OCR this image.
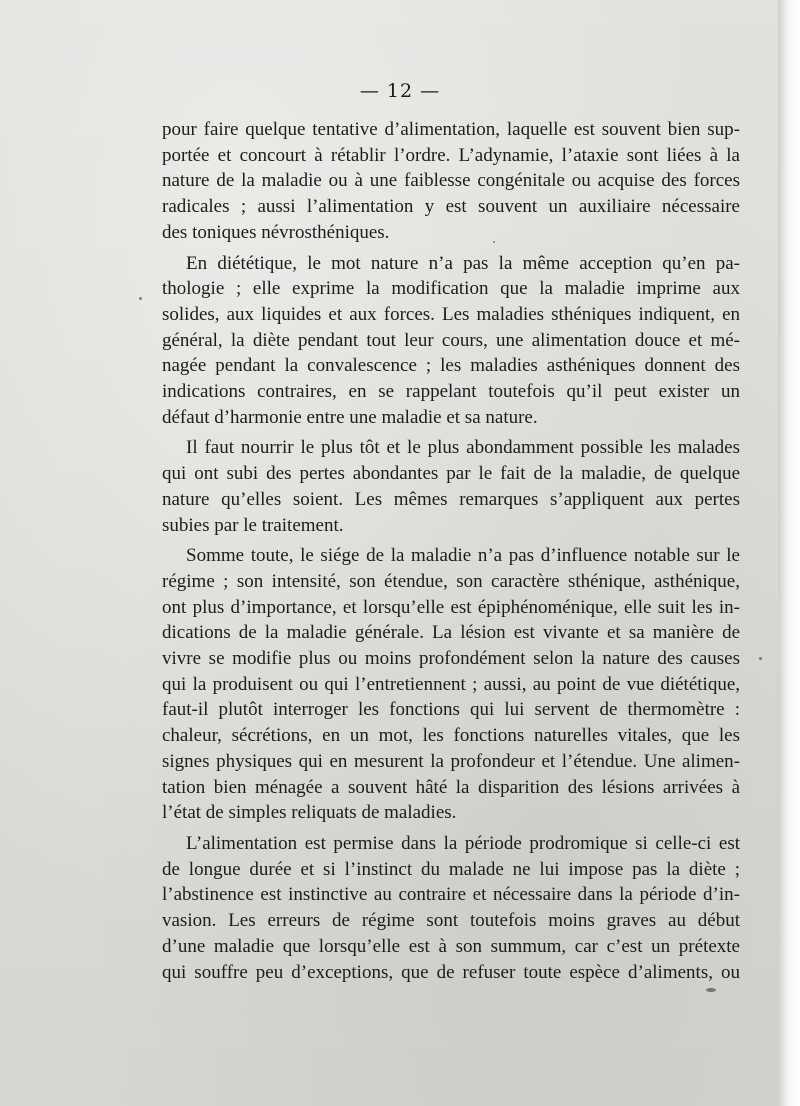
— 12 —
pour faire quelque tentative d’alimentation, laquelle est souvent bien sup-
portée et concourt à rétablir l’ordre. L’adynamie, l’ataxie sont liées à la
nature de la maladie ou à une faiblesse congénitale ou acquise des forces
radicales ; aussi l’alimentation y est souvent un auxiliaire nécessaire
des toniques névrosthéniques.
En diététique, le mot nature n’a pas la même acception qu’en pa-
thologie ; elle exprime la modification que la maladie imprime aux
solides, aux liquides et aux forces. Les maladies sthéniques indiquent, en
général, la diète pendant tout leur cours, une alimentation douce et mé-
nagée pendant la convalescence ; les maladies asthéniques donnent des
indications contraires, en se rappelant toutefois qu’il peut exister un
défaut d’harmonie entre une maladie et sa nature.
Il faut nourrir le plus tôt et le plus abondamment possible les malades
qui ont subi des pertes abondantes par le fait de la maladie, de quelque
nature qu’elles soient. Les mêmes remarques s’appliquent aux pertes
subies par le traitement.
Somme toute, le siége de la maladie n’a pas d’influence notable sur le
régime ; son intensité, son étendue, son caractère sthénique, asthénique,
ont plus d’importance, et lorsqu’elle est épiphénoménique, elle suit les in-
dications de la maladie générale. La lésion est vivante et sa manière de
vivre se modifie plus ou moins profondément selon la nature des causes
qui la produisent ou qui l’entretiennent ; aussi, au point de vue diététique,
faut-il plutôt interroger les fonctions qui lui servent de thermomètre :
chaleur, sécrétions, en un mot, les fonctions naturelles vitales, que les
signes physiques qui en mesurent la profondeur et l’étendue. Une alimen-
tation bien ménagée a souvent hâté la disparition des lésions arrivées à
l’état de simples reliquats de maladies.
L’alimentation est permise dans la période prodromique si celle-ci est
de longue durée et si l’instinct du malade ne lui impose pas la diète ;
l’abstinence est instinctive au contraire et nécessaire dans la période d’in-
vasion. Les erreurs de régime sont toutefois moins graves au début
d’une maladie que lorsqu’elle est à son summum, car c’est un prétexte
qui souffre peu d’exceptions, que de refuser toute espèce d’aliments, ou
